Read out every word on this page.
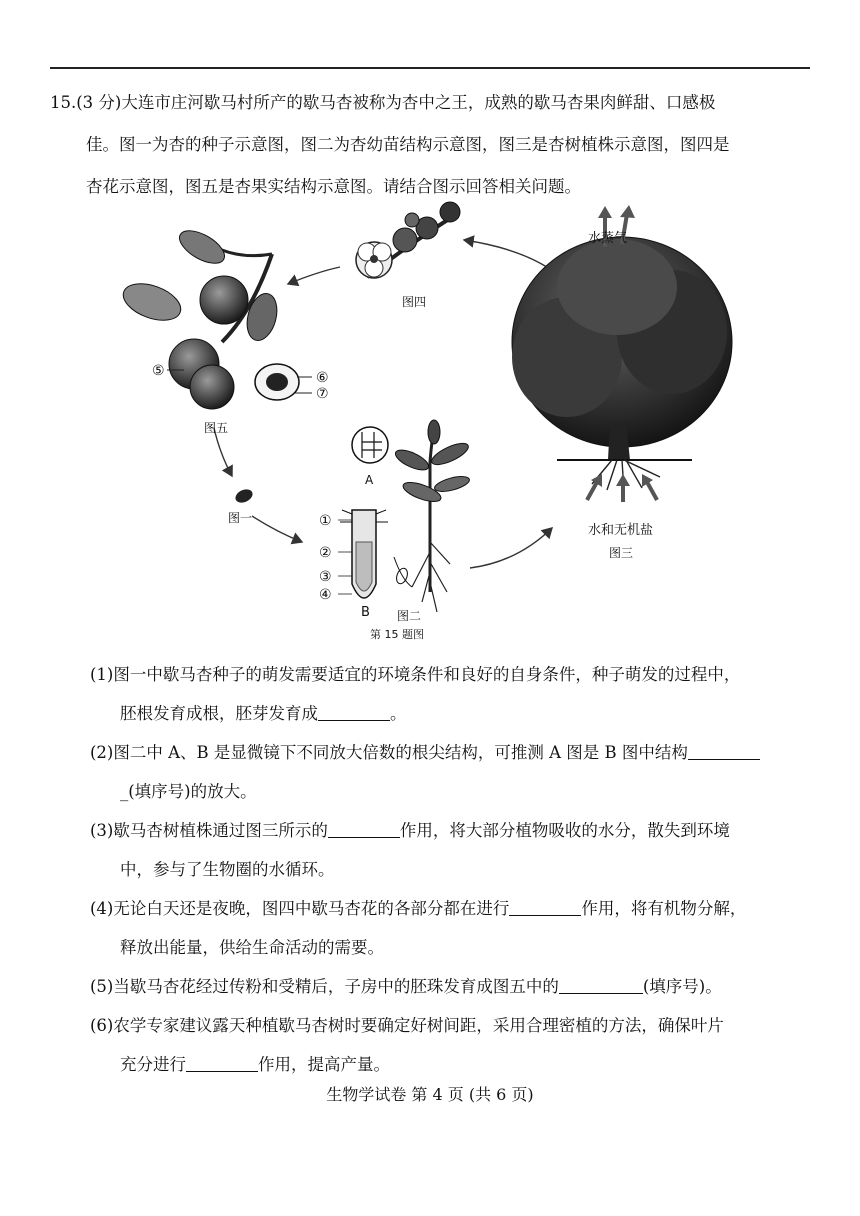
15.(3 分)大连市庄河歇马村所产的歇马杏被称为杏中之王，成熟的歇马杏果肉鲜甜、口感极
佳。图一为杏的种子示意图，图二为杏幼苗结构示意图，图三是杏树植株示意图，图四是
杏花示意图，图五是杏果实结构示意图。请结合图示回答相关问题。
图四
⑤	⑥
⑦
图五
图一	①
②
③
④
A
B 图二
第 15 题图
水蒸气
水和无机盐
图三
(1)图一中歇马杏种子的萌发需要适宜的环境条件和良好的自身条件，种子萌发的过程中，
胚根发育成根，胚芽发育成	。
(2)图二中 A、B 是显微镜下不同放大倍数的根尖结构，可推测 A 图是 B 图中结构
_(填序号)的放大。
(3)歇马杏树植株通过图三所示的	作用，将大部分植物吸收的水分，散失到环境
中，参与了生物圈的水循环。
(4)无论白天还是夜晚，图四中歇马杏花的各部分都在进行	作用，将有机物分解，
释放出能量，供给生命活动的需要。
(5)当歇马杏花经过传粉和受精后，子房中的胚珠发育成图五中的	(填序号)。
(6)农学专家建议露天种植歇马杏树时要确定好树间距，采用合理密植的方法，确保叶片
充分进行	作用，提高产量。
生物学试卷 第 4 页 (共 6 页)
